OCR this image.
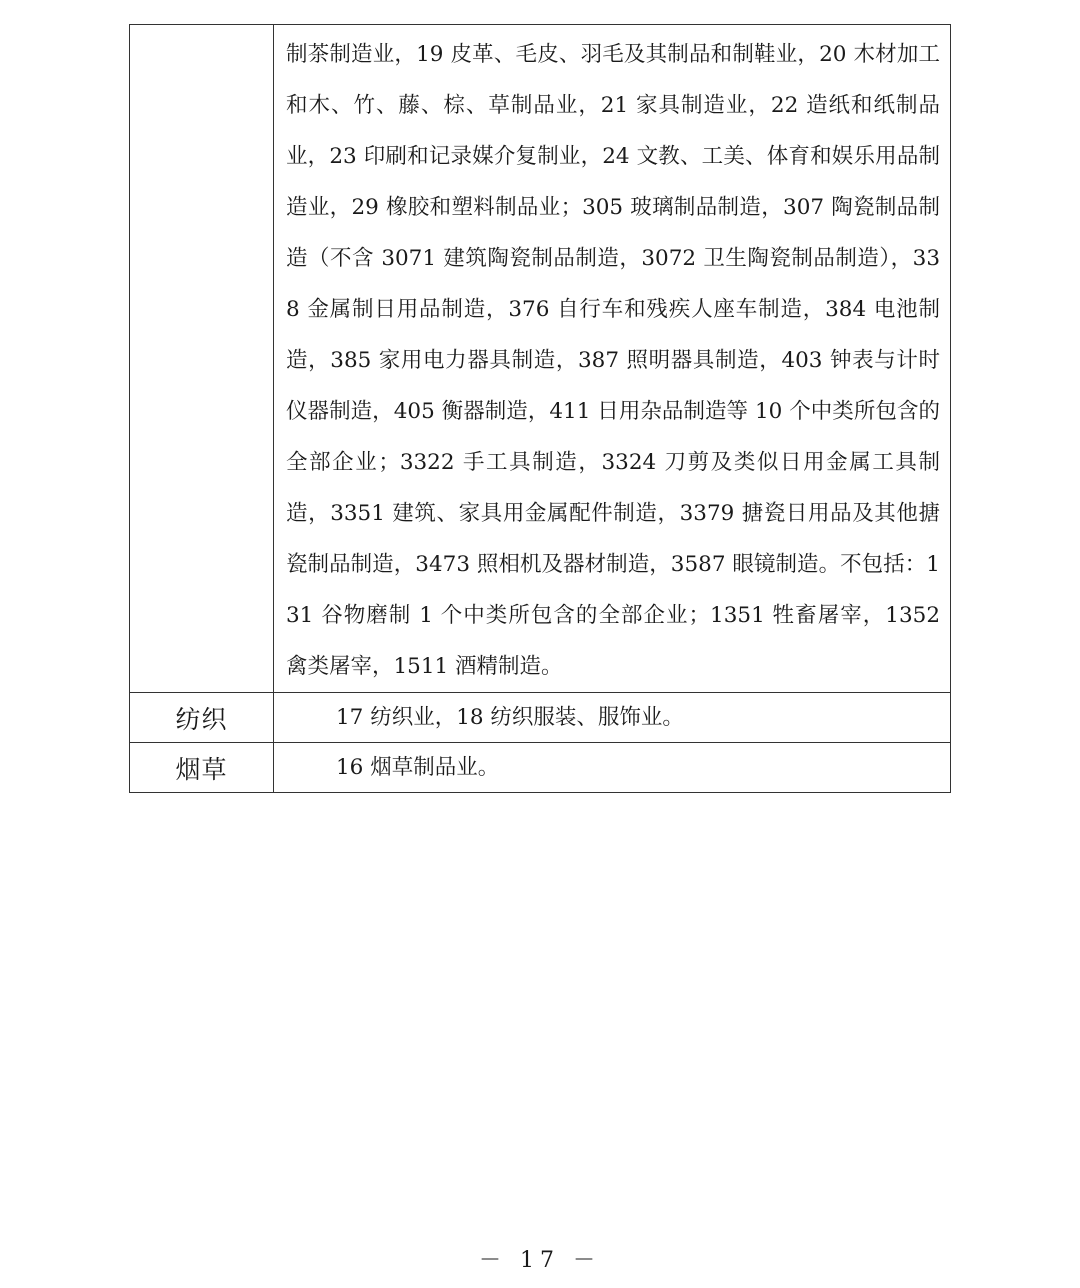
	制茶制造业，19 皮革、毛皮、羽毛及其制品和制鞋业，20 木材加工和木、竹、藤、棕、草制品业，21 家具制造业，22 造纸和纸制品业，23 印刷和记录媒介复制业，24 文教、工美、体育和娱乐用品制造业，29 橡胶和塑料制品业；305 玻璃制品制造，307 陶瓷制品制造（不含 3071 建筑陶瓷制品制造，3072 卫生陶瓷制品制造），338 金属制日用品制造，376 自行车和残疾人座车制造，384 电池制造，385 家用电力器具制造，387 照明器具制造，403 钟表与计时仪器制造，405 衡器制造，411 日用杂品制造等 10 个中类所包含的全部企业；3322 手工具制造，3324 刀剪及类似日用金属工具制造，3351 建筑、家具用金属配件制造，3379 搪瓷日用品及其他搪瓷制品制造，3473 照相机及器材制造，3587 眼镜制造。不包括：131 谷物磨制 1 个中类所包含的全部企业；1351 牲畜屠宰，1352 禽类屠宰，1511 酒精制造。
纺织	17 纺织业，18 纺织服装、服饰业。
烟草	16 烟草制品业。
－ 17 －
